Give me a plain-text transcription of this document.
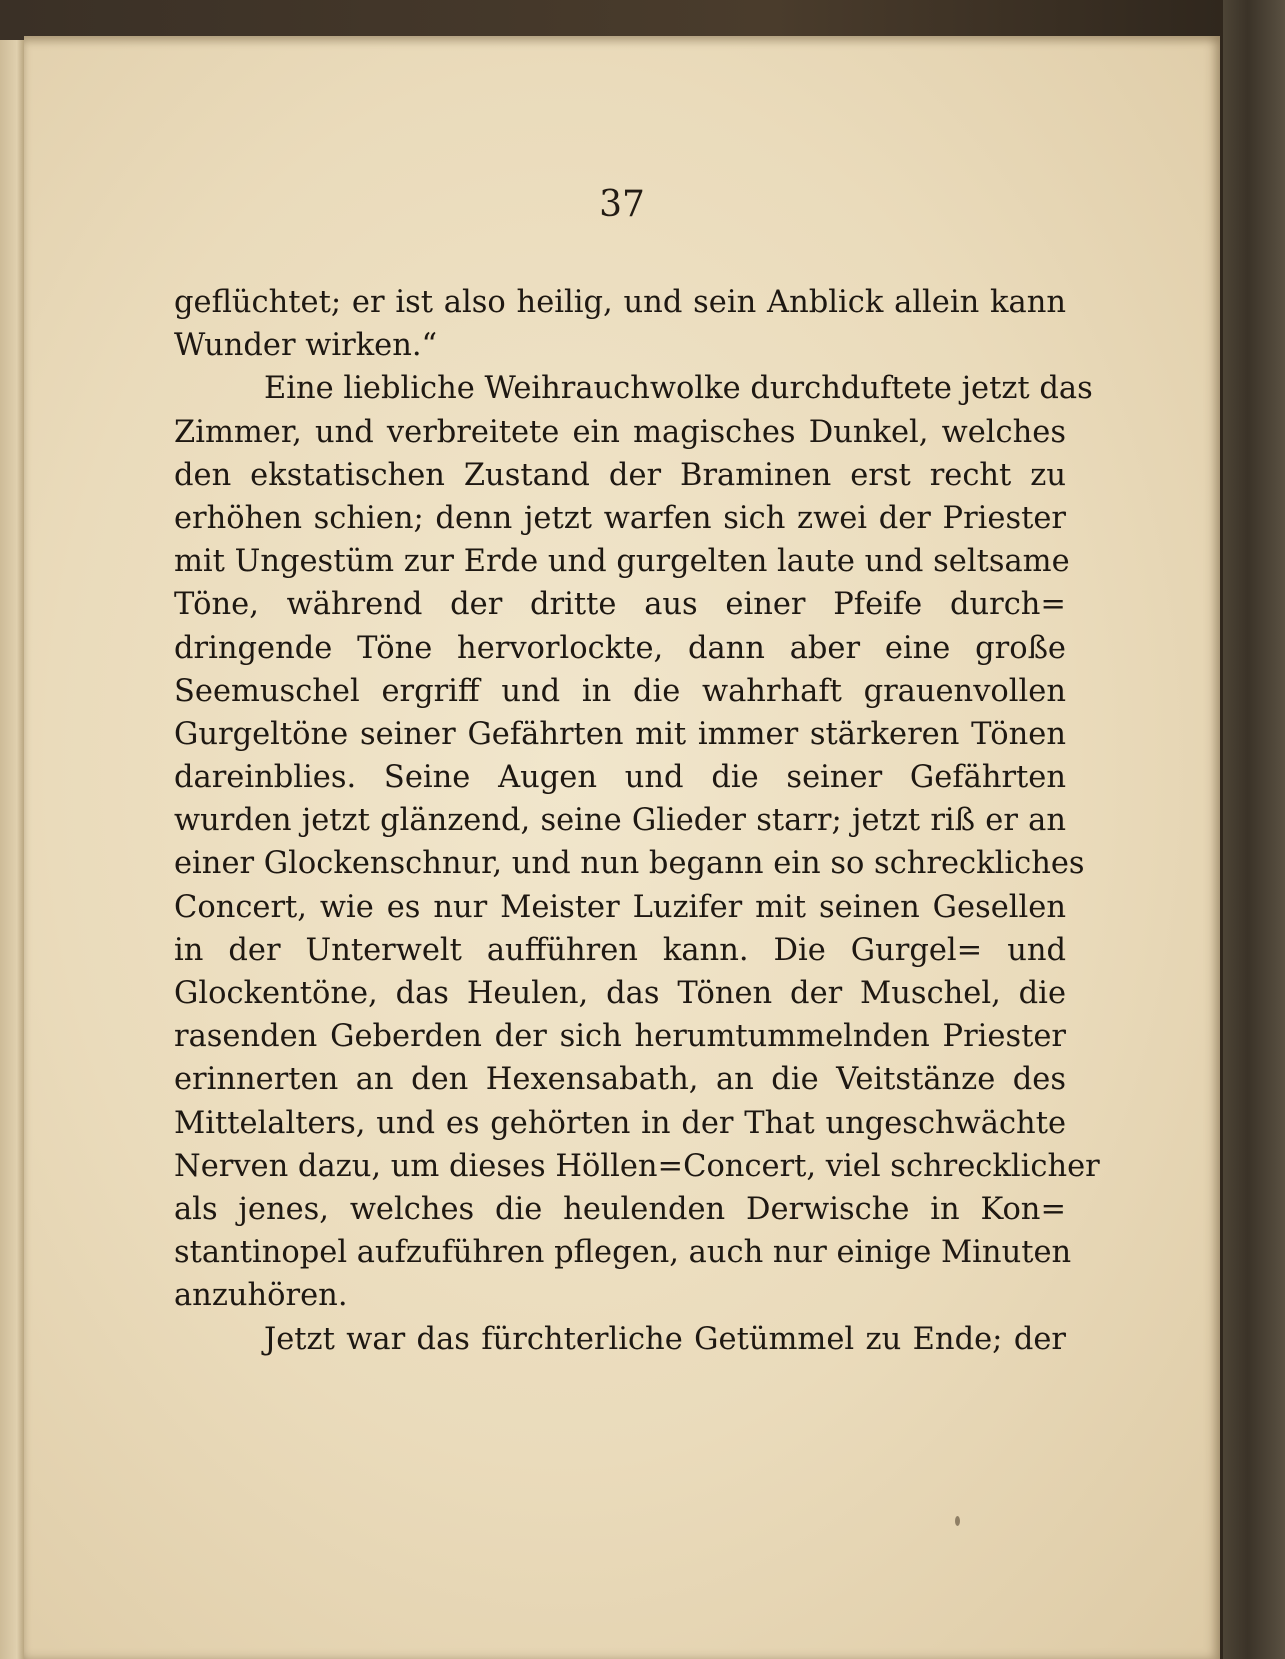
37

geflüchtet; er ist also heilig, und sein Anblick allein kann
Wunder wirken.“
Eine liebliche Weihrauchwolke durchduftete jetzt das
Zimmer, und verbreitete ein magisches Dunkel, welches
den ekstatischen Zustand der Braminen erst recht zu
erhöhen schien; denn jetzt warfen sich zwei der Priester
mit Ungestüm zur Erde und gurgelten laute und seltsame
Töne, während der dritte aus einer Pfeife durch=
dringende Töne hervorlockte, dann aber eine große
Seemuschel ergriff und in die wahrhaft grauenvollen
Gurgeltöne seiner Gefährten mit immer stärkeren Tönen
dareinblies. Seine Augen und die seiner Gefährten
wurden jetzt glänzend, seine Glieder starr; jetzt riß er an
einer Glockenschnur, und nun begann ein so schreckliches
Concert, wie es nur Meister Luzifer mit seinen Gesellen
in der Unterwelt aufführen kann. Die Gurgel= und
Glockentöne, das Heulen, das Tönen der Muschel, die
rasenden Geberden der sich herumtummelnden Priester
erinnerten an den Hexensabath, an die Veitstänze des
Mittelalters, und es gehörten in der That ungeschwächte
Nerven dazu, um dieses Höllen=Concert, viel schrecklicher
als jenes, welches die heulenden Derwische in Kon=
stantinopel aufzuführen pflegen, auch nur einige Minuten
anzuhören.
Jetzt war das fürchterliche Getümmel zu Ende; der
